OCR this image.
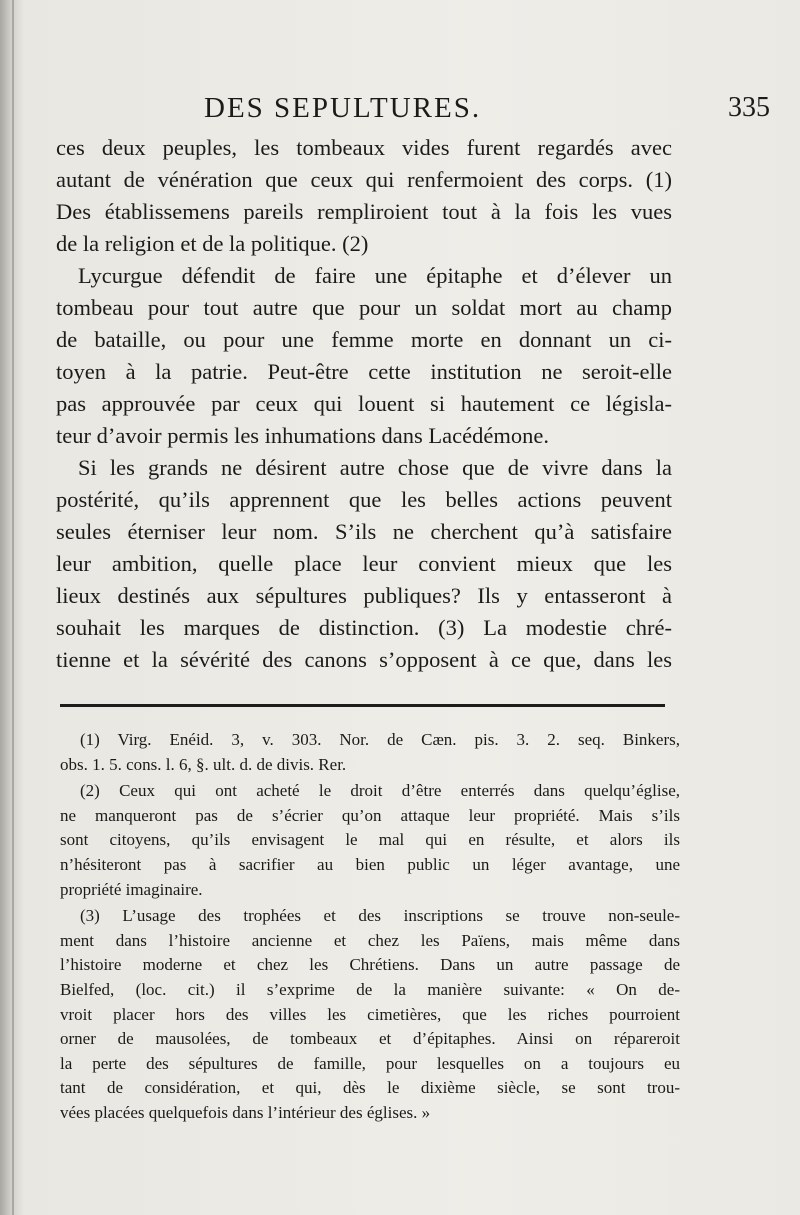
DES SEPULTURES.	335
ces deux peuples, les tombeaux vides furent regardés avec
autant de vénération que ceux qui renfermoient des corps. (1)
Des établissemens pareils rempliroient tout à la fois les vues
de la religion et de la politique. (2)
Lycurgue défendit de faire une épitaphe et d’élever un
tombeau pour tout autre que pour un soldat mort au champ
de bataille, ou pour une femme morte en donnant un ci-
toyen à la patrie. Peut-être cette institution ne seroit-elle
pas approuvée par ceux qui louent si hautement ce législa-
teur d’avoir permis les inhumations dans Lacédémone.
Si les grands ne désirent autre chose que de vivre dans la
postérité, qu’ils apprennent que les belles actions peuvent
seules éterniser leur nom. S’ils ne cherchent qu’à satisfaire
leur ambition, quelle place leur convient mieux que les
lieux destinés aux sépultures publiques? Ils y entasseront à
souhait les marques de distinction. (3) La modestie chré-
tienne et la sévérité des canons s’opposent à ce que, dans les
(1) Virg. Enéid. 3, v. 303. Nor. de Cæn. pis. 3. 2. seq. Binkers,
obs. 1. 5. cons. l. 6, §. ult. d. de divis. Rer.
(2) Ceux qui ont acheté le droit d’être enterrés dans quelqu’église,
ne manqueront pas de s’écrier qu’on attaque leur propriété. Mais s’ils
sont citoyens, qu’ils envisagent le mal qui en résulte, et alors ils
n’hésiteront pas à sacrifier au bien public un léger avantage, une
propriété imaginaire.
(3) L’usage des trophées et des inscriptions se trouve non-seule-
ment dans l’histoire ancienne et chez les Païens, mais même dans
l’histoire moderne et chez les Chrétiens. Dans un autre passage de
Bielfed, (loc. cit.) il s’exprime de la manière suivante: « On de-
vroit placer hors des villes les cimetières, que les riches pourroient
orner de mausolées, de tombeaux et d’épitaphes. Ainsi on répareroit
la perte des sépultures de famille, pour lesquelles on a toujours eu
tant de considération, et qui, dès le dixième siècle, se sont trou-
vées placées quelquefois dans l’intérieur des églises. »
